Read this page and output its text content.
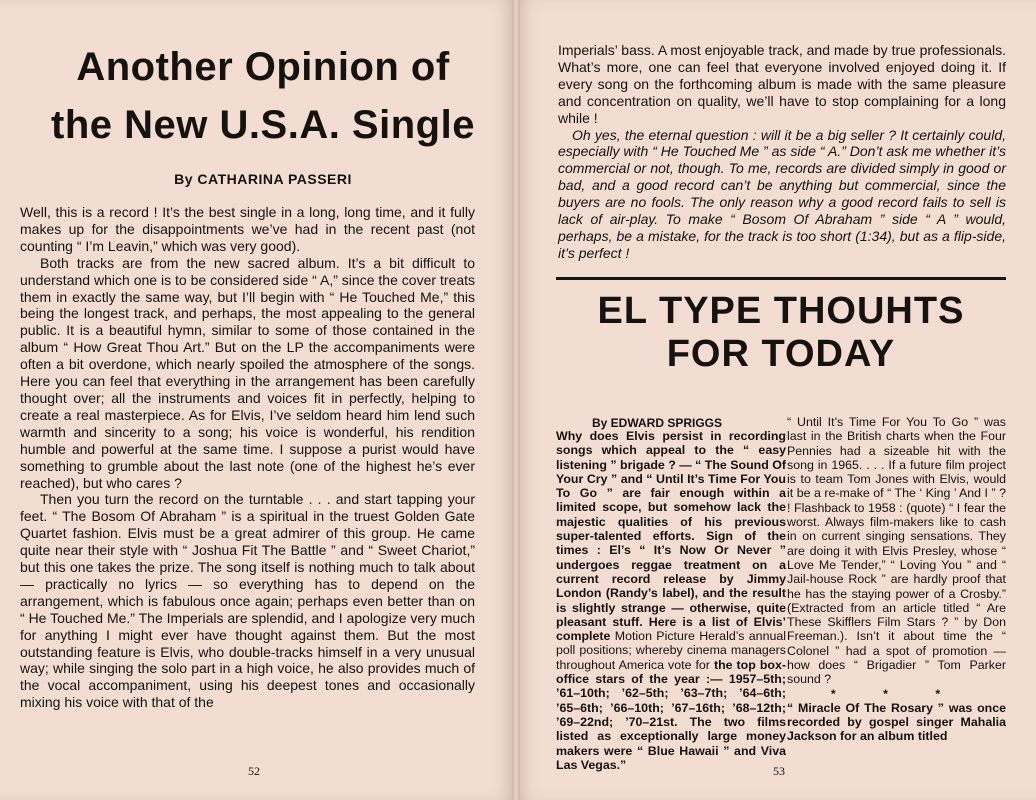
Another Opinion of
the New U.S.A. Single
By CATHARINA PASSERI

Well, this is a record ! It’s the best single in a long, long time, and it fully makes up for the disappointments we’ve had in the recent past (not counting “ I’m Leavin,” which was very good).

Both tracks are from the new sacred album. It’s a bit difficult to understand which one is to be considered side “ A,” since the cover treats them in exactly the same way, but I’ll begin with “ He Touched Me,” this being the longest track, and perhaps, the most appealing to the general public. It is a beautiful hymn, similar to some of those contained in the album “ How Great Thou Art.” But on the LP the accompaniments were often a bit overdone, which nearly spoiled the atmosphere of the songs. Here you can feel that everything in the arrangement has been carefully thought over; all the instruments and voices fit in perfectly, helping to create a real masterpiece. As for Elvis, I’ve seldom heard him lend such warmth and sincerity to a song; his voice is wonderful, his rendition humble and powerful at the same time. I suppose a purist would have something to grumble about the last note (one of the highest he’s ever reached), but who cares ?

Then you turn the record on the turntable . . . and start tapping your feet. “ The Bosom Of Abraham ” is a spiritual in the truest Golden Gate Quartet fashion. Elvis must be a great admirer of this group. He came quite near their style with “ Joshua Fit The Battle ” and “ Sweet Chariot,” but this one takes the prize. The song itself is nothing much to talk about — practically no lyrics — so everything has to depend on the arrangement, which is fabulous once again; perhaps even better than on “ He Touched Me.” The Imperials are splendid, and I apologize very much for anything I might ever have thought against them. But the most outstanding feature is Elvis, who double-tracks himself in a very unusual way; while singing the solo part in a high voice, he also provides much of the vocal accompaniment, using his deepest tones and occasionally mixing his voice with that of the

52

Imperials’ bass. A most enjoyable track, and made by true professionals. What’s more, one can feel that everyone involved enjoyed doing it. If every song on the forthcoming album is made with the same pleasure and concentration on quality, we’ll have to stop complaining for a long while !

Oh yes, the eternal question : will it be a big seller ? It certainly could, especially with “ He Touched Me ” as side “ A.” Don’t ask me whether it’s commercial or not, though. To me, records are divided simply in good or bad, and a good record can’t be anything but commercial, since the buyers are no fools. The only reason why a good record fails to sell is lack of air-play. To make “ Bosom Of Abraham ” side “ A ” would, perhaps, be a mistake, for the track is too short (1:34), but as a flip-side, it’s perfect !

EL TYPE THOUHTS
FOR TODAY
By EDWARD SPRIGGS
Why does Elvis persist in recording songs which appeal to the “ easy listening ” brigade ? — “ The Sound Of Your Cry ” and “ Until It’s Time For You To Go ” are fair enough within a limited scope, but somehow lack the majestic qualities of his previous super-talented efforts. Sign of the times : El’s “ It’s Now Or Never ” undergoes reggae treatment on a current record release by Jimmy London (Randy’s label), and the result is slightly strange — otherwise, quite pleasant stuff. Here is a list of Elvis’ complete Motion Picture Herald’s annual poll positions; whereby cinema managers throughout America vote for the top box-office stars of the year :— 1957–5th; ’61–10th; ’62–5th; ’63–7th; ’64–6th; ’65–6th; ’66–10th; ’67–16th; ’68–12th; ’69–22nd; ’70–21st. The two films listed as exceptionally large money makers were “ Blue Hawaii ” and Viva Las Vegas.”

“ Until It’s Time For You To Go ” was last in the British charts when the Four Pennies had a sizeable hit with the song in 1965. . . . If a future film project is to team Tom Jones with Elvis, would it be a re-make of “ The ‘ King ’ And I ” ? ! Flashback to 1958 : (quote) “ I fear the worst. Always film-makers like to cash in on current singing sensations. They are doing it with Elvis Presley, whose “ Love Me Tender,” “ Loving You ” and “ Jail-house Rock ” are hardly proof that he has the staying power of a Crosby.” (Extracted from an article titled “ Are These Skifflers Film Stars ? ” by Don Freeman.). Isn’t it about time the “ Colonel ” had a spot of promotion — how does “ Brigadier ” Tom Parker sound ?

* * *

“ Miracle Of The Rosary ” was once recorded by gospel singer Mahalia Jackson for an album titled

53
